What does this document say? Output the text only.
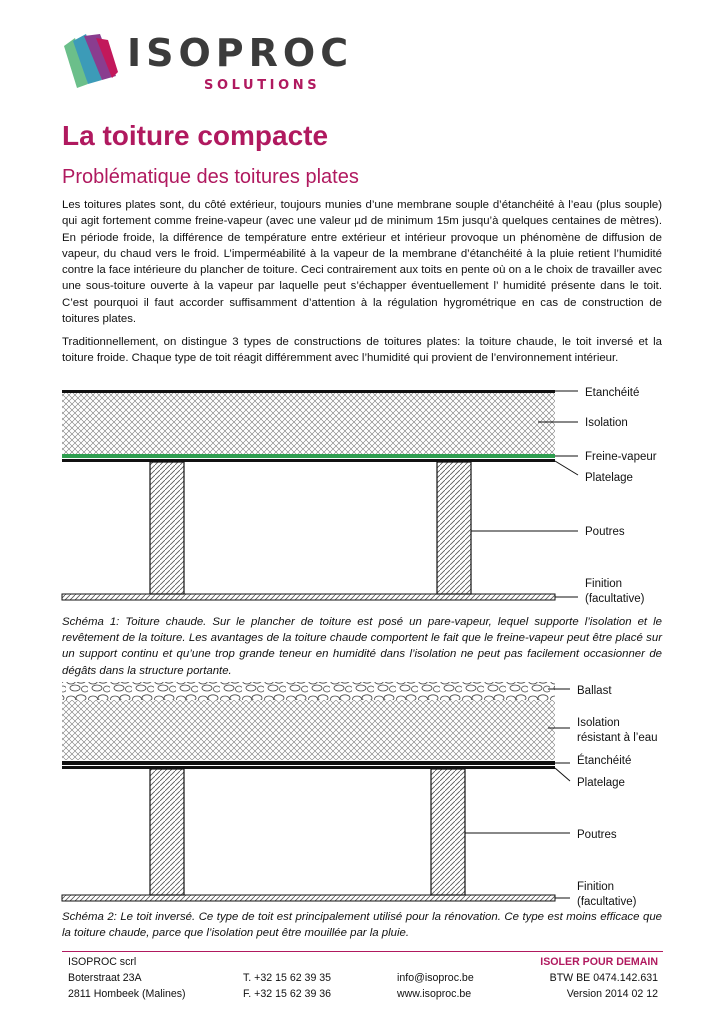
ISOPROC
SOLUTIONS
La toiture compacte
Problématique des toitures plates

Les toitures plates sont, du côté extérieur, toujours munies d’une membrane souple d’étanchéité à l’eau (plus souple) qui agit fortement comme freine-vapeur (avec une valeur µd de minimum 15m jusqu’à quelques centaines de mètres). En période froide, la différence de température entre extérieur et intérieur provoque un phénomène de diffusion de vapeur, du chaud vers le froid. L’imperméabilité à la vapeur de la membrane d’étanchéité à la pluie retient l’humidité contre la face intérieure du plancher de toiture. Ceci contrairement aux toits en pente où on a le choix de travailler avec une sous-toiture ouverte à la vapeur par laquelle peut s’échapper éventuellement l’ humidité présente dans le toit. C’est pourquoi il faut accorder suffisamment d’attention à la régulation hygrométrique en cas de construction de toitures plates.

Traditionnellement, on distingue 3 types de constructions de toitures plates: la toiture chaude, le toit inversé et la toiture froide. Chaque type de toit réagit différemment avec l’humidité qui provient de l’environnement intérieur.

Etanchéité
Isolation
Freine-vapeur
Platelage
Poutres
Finition
(facultative)

Schéma 1: Toiture chaude. Sur le plancher de toiture est posé un pare-vapeur, lequel supporte l’isolation et le revêtement de la toiture. Les avantages de la toiture chaude comportent le fait que le freine-vapeur peut être placé sur un support continu et qu’une trop grande teneur en humidité dans l’isolation ne peut pas facilement occasionner de dégâts dans la structure portante.

Ballast
Isolation
résistant à l’eau
Étanchéité
Platelage
Poutres
Finition
(facultative)

Schéma 2: Le toit inversé. Ce type de toit est principalement utilisé pour la rénovation. Ce type est moins efficace que la toiture chaude, parce que l’isolation peut être mouillée par la pluie.

ISOPROC scrl
Boterstraat 23A
2811 Hombeek (Malines)
T. +32 15 62 39 35
F. +32 15 62 39 36
info@isoproc.be
www.isoproc.be
ISOLER POUR DEMAIN
BTW BE 0474.142.631
Version 2014 02 12
